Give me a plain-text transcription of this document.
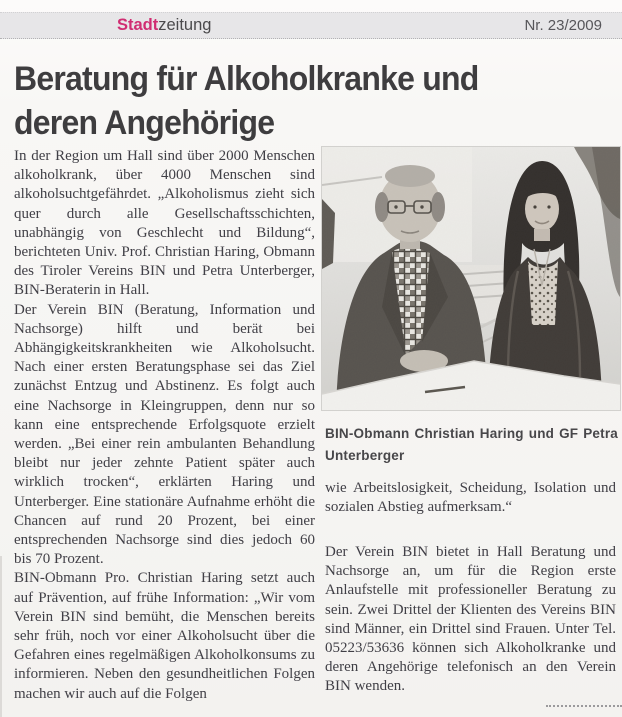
Stadtzeitung	Nr. 23/2009
Beratung für Alkoholkranke und deren Angehörige

In der Region um Hall sind über 2000 Menschen alkoholkrank, über 4000 Menschen sind alkoholsuchtgefährdet. „Alkoholismus zieht sich quer durch alle Gesellschaftsschichten, unabhängig von Geschlecht und Bildung“, berichteten Univ. Prof. Christian Haring, Obmann des Tiroler Vereins BIN und Petra Unterberger, BIN-Beraterin in Hall.

Der Verein BIN (Beratung, Information und Nachsorge) hilft und berät bei Abhängigkeitskrankheiten wie Alkoholsucht. Nach einer ersten Beratungsphase sei das Ziel zunächst Entzug und Abstinenz. Es folgt auch eine Nachsorge in Kleingruppen, denn nur so kann eine entsprechende Erfolgsquote erzielt werden. „Bei einer rein ambulanten Behandlung bleibt nur jeder zehnte Patient später auch wirklich trocken“, erklärten Haring und Unterberger. Eine stationäre Aufnahme erhöht die Chancen auf rund 20 Prozent, bei einer entsprechenden Nachsorge sind dies jedoch 60 bis 70 Prozent.

BIN-Obmann Pro. Christian Haring setzt auch auf Prävention, auf frühe Information: „Wir vom Verein BIN sind bemüht, die Menschen bereits sehr früh, noch vor einer Alkoholsucht über die Gefahren eines regelmäßigen Alkoholkonsums zu informieren. Neben den gesundheitlichen Folgen machen wir auch auf die Folgen

BIN-Obmann Christian Haring und GF Petra Unterberger

wie Arbeitslosigkeit, Scheidung, Isolation und sozialen Abstieg aufmerksam.“

Der Verein BIN bietet in Hall Beratung und Nachsorge an, um für die Region erste Anlaufstelle mit professioneller Beratung zu sein. Zwei Drittel der Klienten des Vereins BIN sind Männer, ein Drittel sind Frauen. Unter Tel. 05223/53636 können sich Alkoholkranke und deren Angehörige telefonisch an den Verein BIN wenden.
